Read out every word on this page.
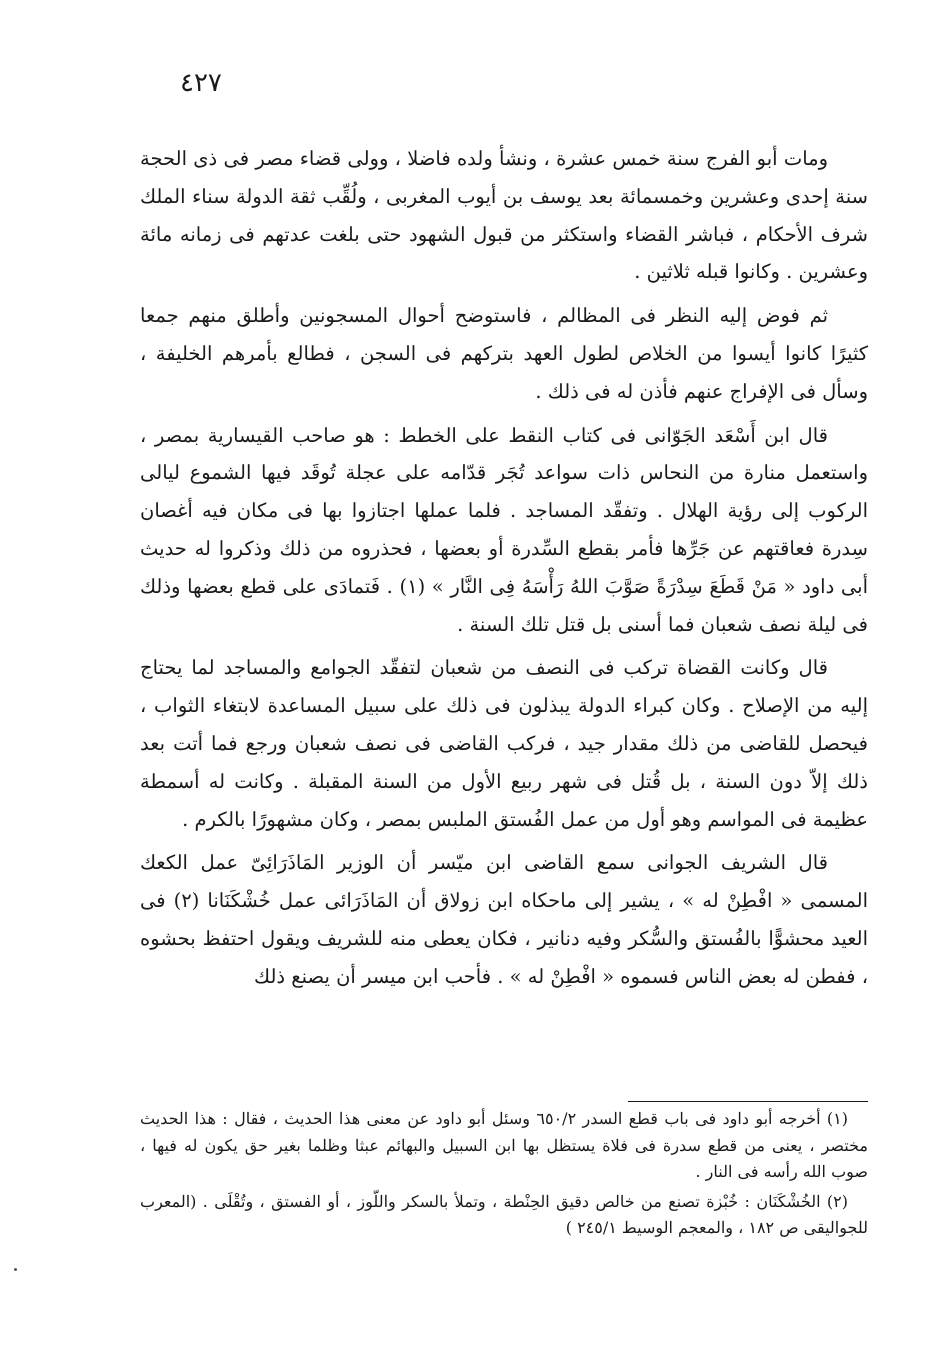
٤٢٧

ومات أبو الفرج سنة خمس عشرة ، ونشأ ولده فاضلا ، وولى قضاء مصر فى ذى الحجة سنة إحدى وعشرين وخمسمائة بعد يوسف بن أيوب المغربى ، ولُقِّب ثقة الدولة سناء الملك شرف الأحكام ، فباشر القضاء واستكثر من قبول الشهود حتى بلغت عدتهم فى زمانه مائة وعشرين . وكانوا قبله ثلاثين .

ثم فوض إليه النظر فى المظالم ، فاستوضح أحوال المسجونين وأطلق منهم جمعا كثيرًا كانوا أيسوا من الخلاص لطول العهد بتركهم فى السجن ، فطالع بأمرهم الخليفة ، وسأل فى الإفراج عنهم فأذن له فى ذلك .

قال ابن أَسْعَد الجَوّانى فى كتاب النقط على الخطط : هو صاحب القيسارية بمصر ، واستعمل منارة من النحاس ذات سواعد تُجَر قدّامه على عجلة تُوقَد فيها الشموع ليالى الركوب إلى رؤية الهلال . وتفقّد المساجد . فلما عملها اجتازوا بها فى مكان فيه أغصان سِدرة فعاقتهم عن جَرِّها فأمر بقطع السِّدرة أو بعضها ، فحذروه من ذلك وذكروا له حديث أبى داود « مَنْ قَطَعَ سِدْرَةً صَوَّبَ اللهُ رَأْسَهُ فِى النَّار » (١) . فَتمادَى على قطع بعضها وذلك فى ليلة نصف شعبان فما أسنى بل قتل تلك السنة .

قال وكانت القضاة تركب فى النصف من شعبان لتفقّد الجوامع والمساجد لما يحتاج إليه من الإصلاح . وكان كبراء الدولة يبذلون فى ذلك على سبيل المساعدة لابتغاء الثواب ، فيحصل للقاضى من ذلك مقدار جيد ، فركب القاضى فى نصف شعبان ورجع فما أتت بعد ذلك إلاّ دون السنة ، بل قُتل فى شهر ربيع الأول من السنة المقبلة . وكانت له أسمطة عظيمة فى المواسم وهو أول من عمل الفُستق الملبس بمصر ، وكان مشهورًا بالكرم .

قال الشريف الجوانى سمع القاضى ابن ميّسر أن الوزير المَاذَرَائِىّ عمل الكعك المسمى « افْطِنْ له » ، يشير إلى ماحكاه ابن زولاق أن المَاذَرَائى عمل خُشْكَنَانا (٢) فى العيد محشوًّا بالفُستق والسُّكر وفيه دنانير ، فكان يعطى منه للشريف ويقول احتفظ بحشوه ، ففطن له بعض الناس فسموه « افْطِنْ له » . فأحب ابن ميسر أن يصنع ذلك

(١) أخرجه أبو داود فى باب قطع السدر ٦٥٠/٢ وسئل أبو داود عن معنى هذا الحديث ، فقال : هذا الحديث مختصر ، يعنى من قطع سدرة فى فلاة يستظل بها ابن السبيل والبهائم عبثا وظلما بغير حق يكون له فيها ، صوب الله رأسه فى النار .

(٢) الخُشْكَنَان : خُبْزة تصنع من خالص دقيق الحِنْطة ، وتملأ بالسكر واللّوز ، أو الفستق ، وتُقْلَى . (المعرب للجواليقى ص ١٨٢ ، والمعجم الوسيط ٢٤٥/١ )
